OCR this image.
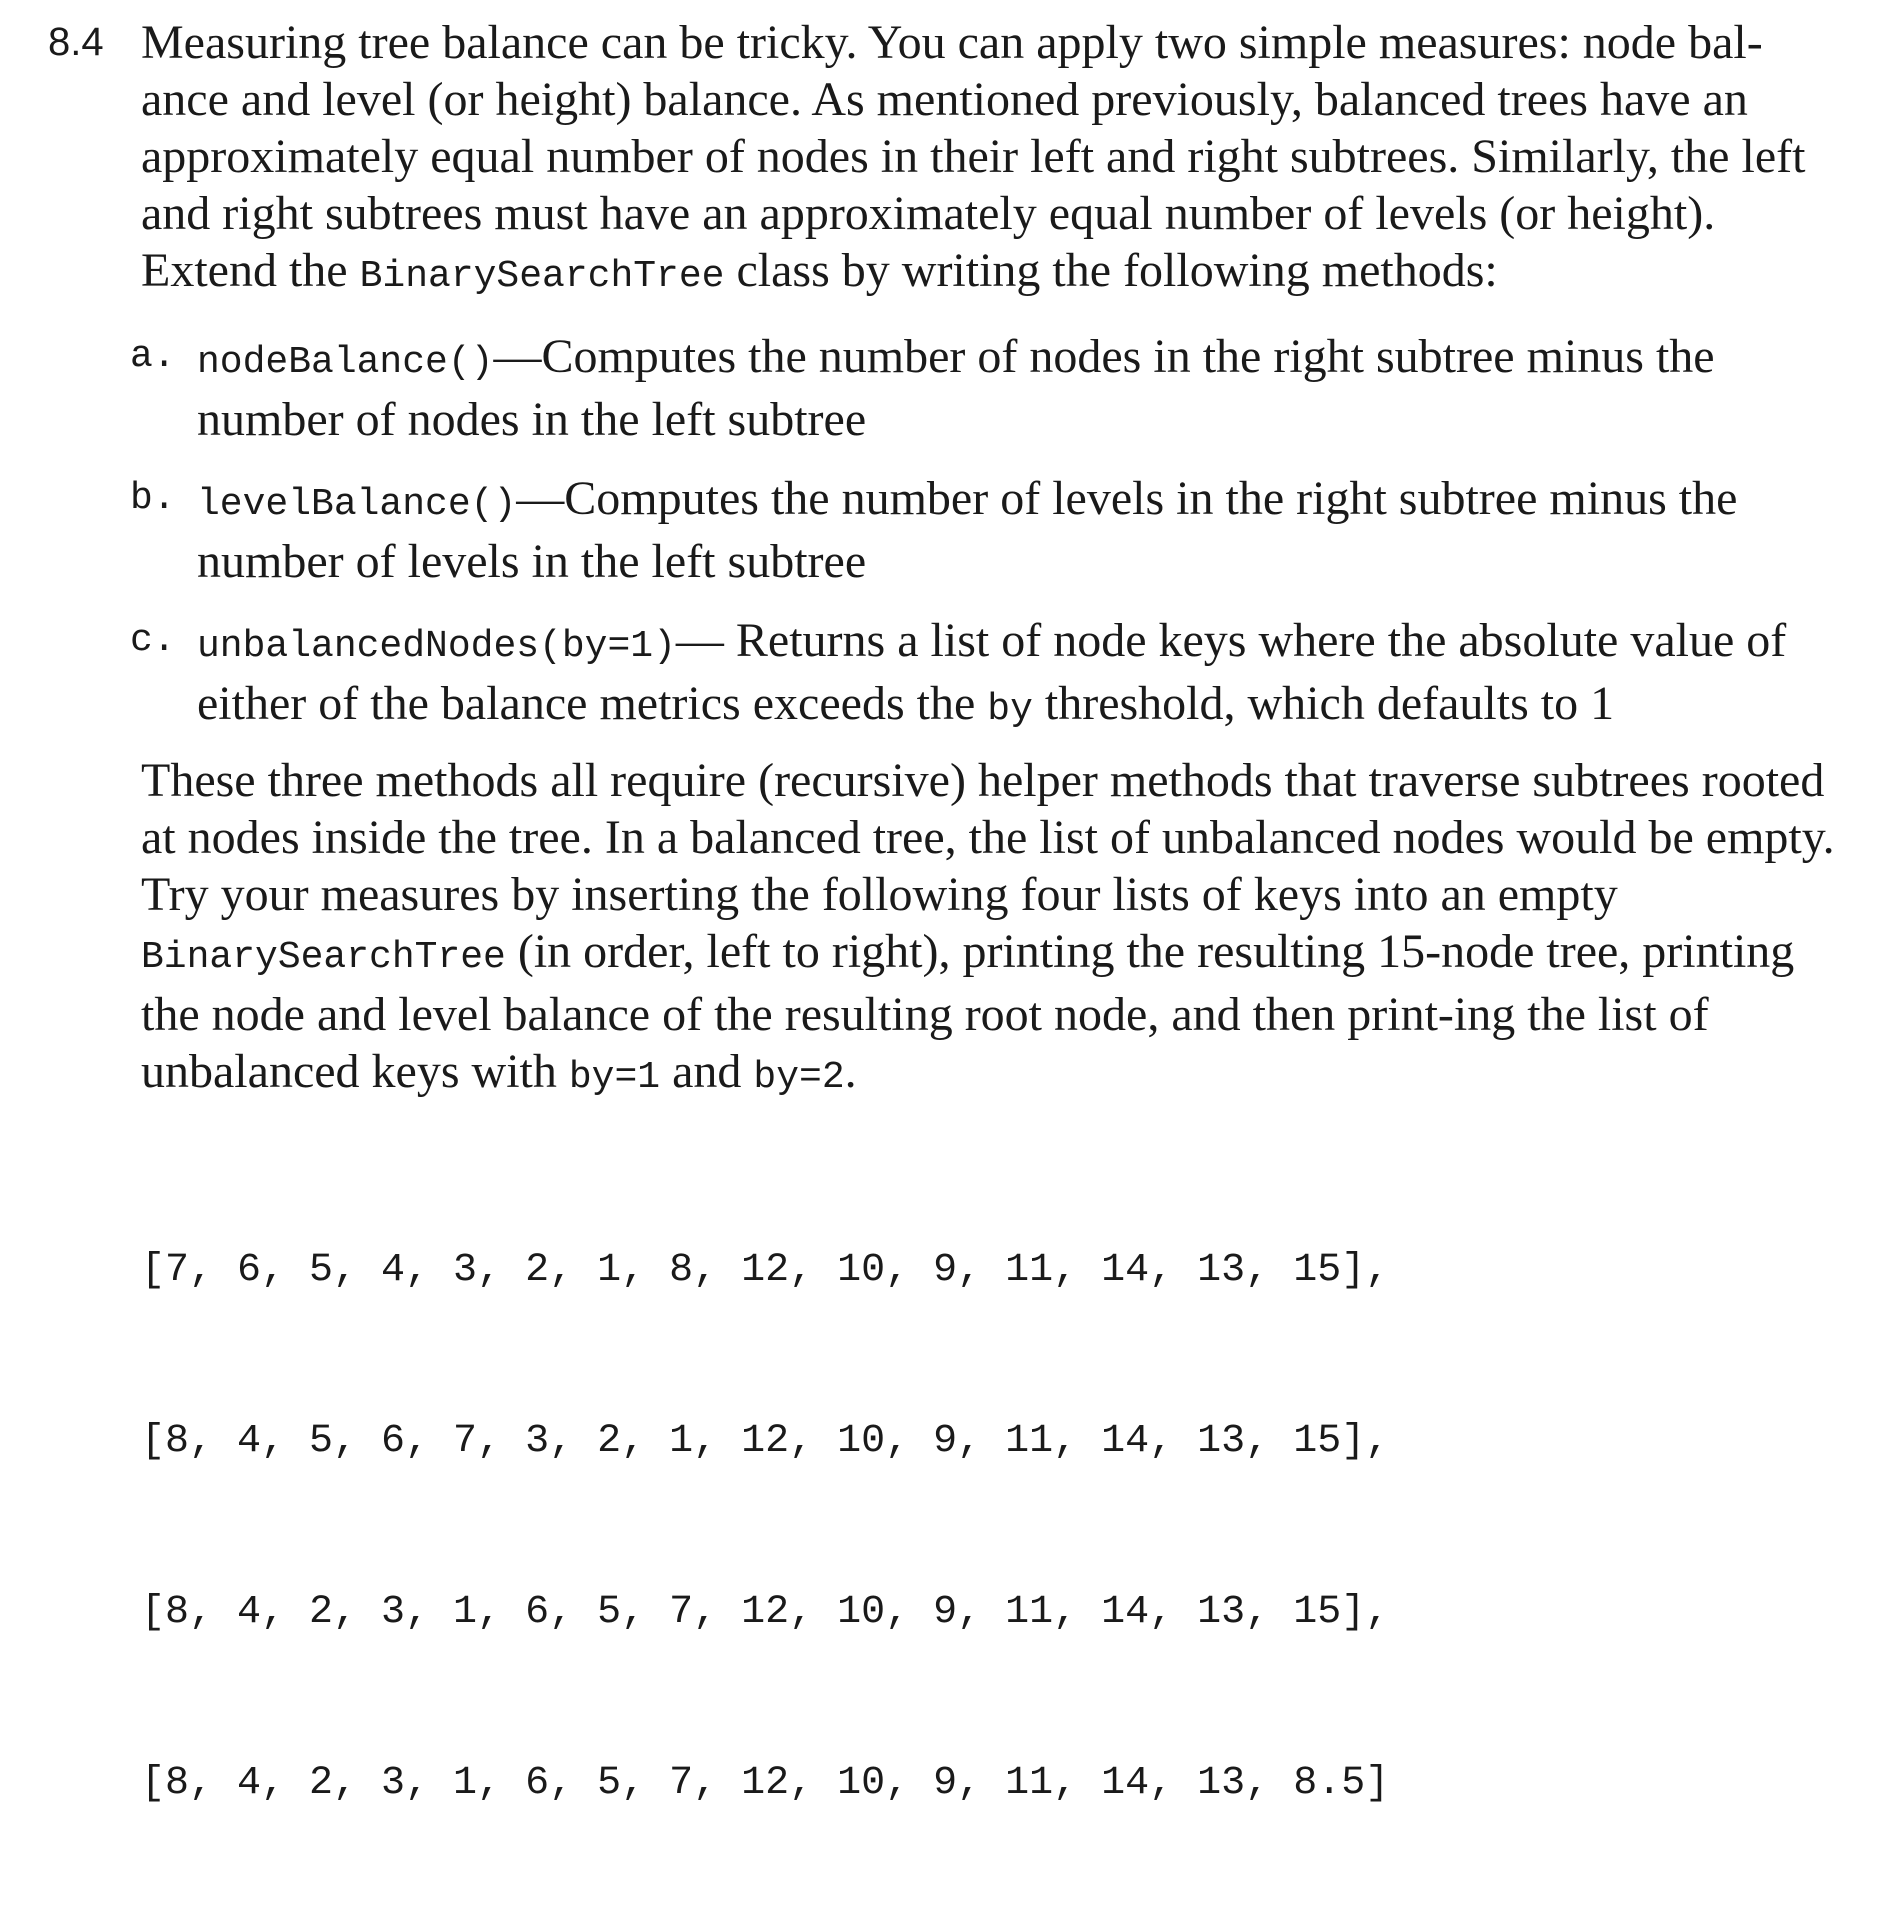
8.4 Measuring tree balance can be tricky. You can apply two simple measures: node bal-ance and level (or height) balance. As mentioned previously, balanced trees have an approximately equal number of nodes in their left and right subtrees. Similarly, the left and right subtrees must have an approximately equal number of levels (or height). Extend the BinarySearchTree class by writing the following methods:
a. nodeBalance()—Computes the number of nodes in the right subtree minus the number of nodes in the left subtree
b. levelBalance()—Computes the number of levels in the right subtree minus the number of levels in the left subtree
c. unbalancedNodes(by=1)— Returns a list of node keys where the absolute value of either of the balance metrics exceeds the by threshold, which defaults to 1
These three methods all require (recursive) helper methods that traverse subtrees rooted at nodes inside the tree. In a balanced tree, the list of unbalanced nodes would be empty. Try your measures by inserting the following four lists of keys into an empty BinarySearchTree (in order, left to right), printing the resulting 15-node tree, printing the node and level balance of the resulting root node, and then print-ing the list of unbalanced keys with by=1 and by=2.

[7, 6, 5, 4, 3, 2, 1, 8, 12, 10, 9, 11, 14, 13, 15],

[8, 4, 5, 6, 7, 3, 2, 1, 12, 10, 9, 11, 14, 13, 15],

[8, 4, 2, 3, 1, 6, 5, 7, 12, 10, 9, 11, 14, 13, 15],

[8, 4, 2, 3, 1, 6, 5, 7, 12, 10, 9, 11, 14, 13, 8.5]
